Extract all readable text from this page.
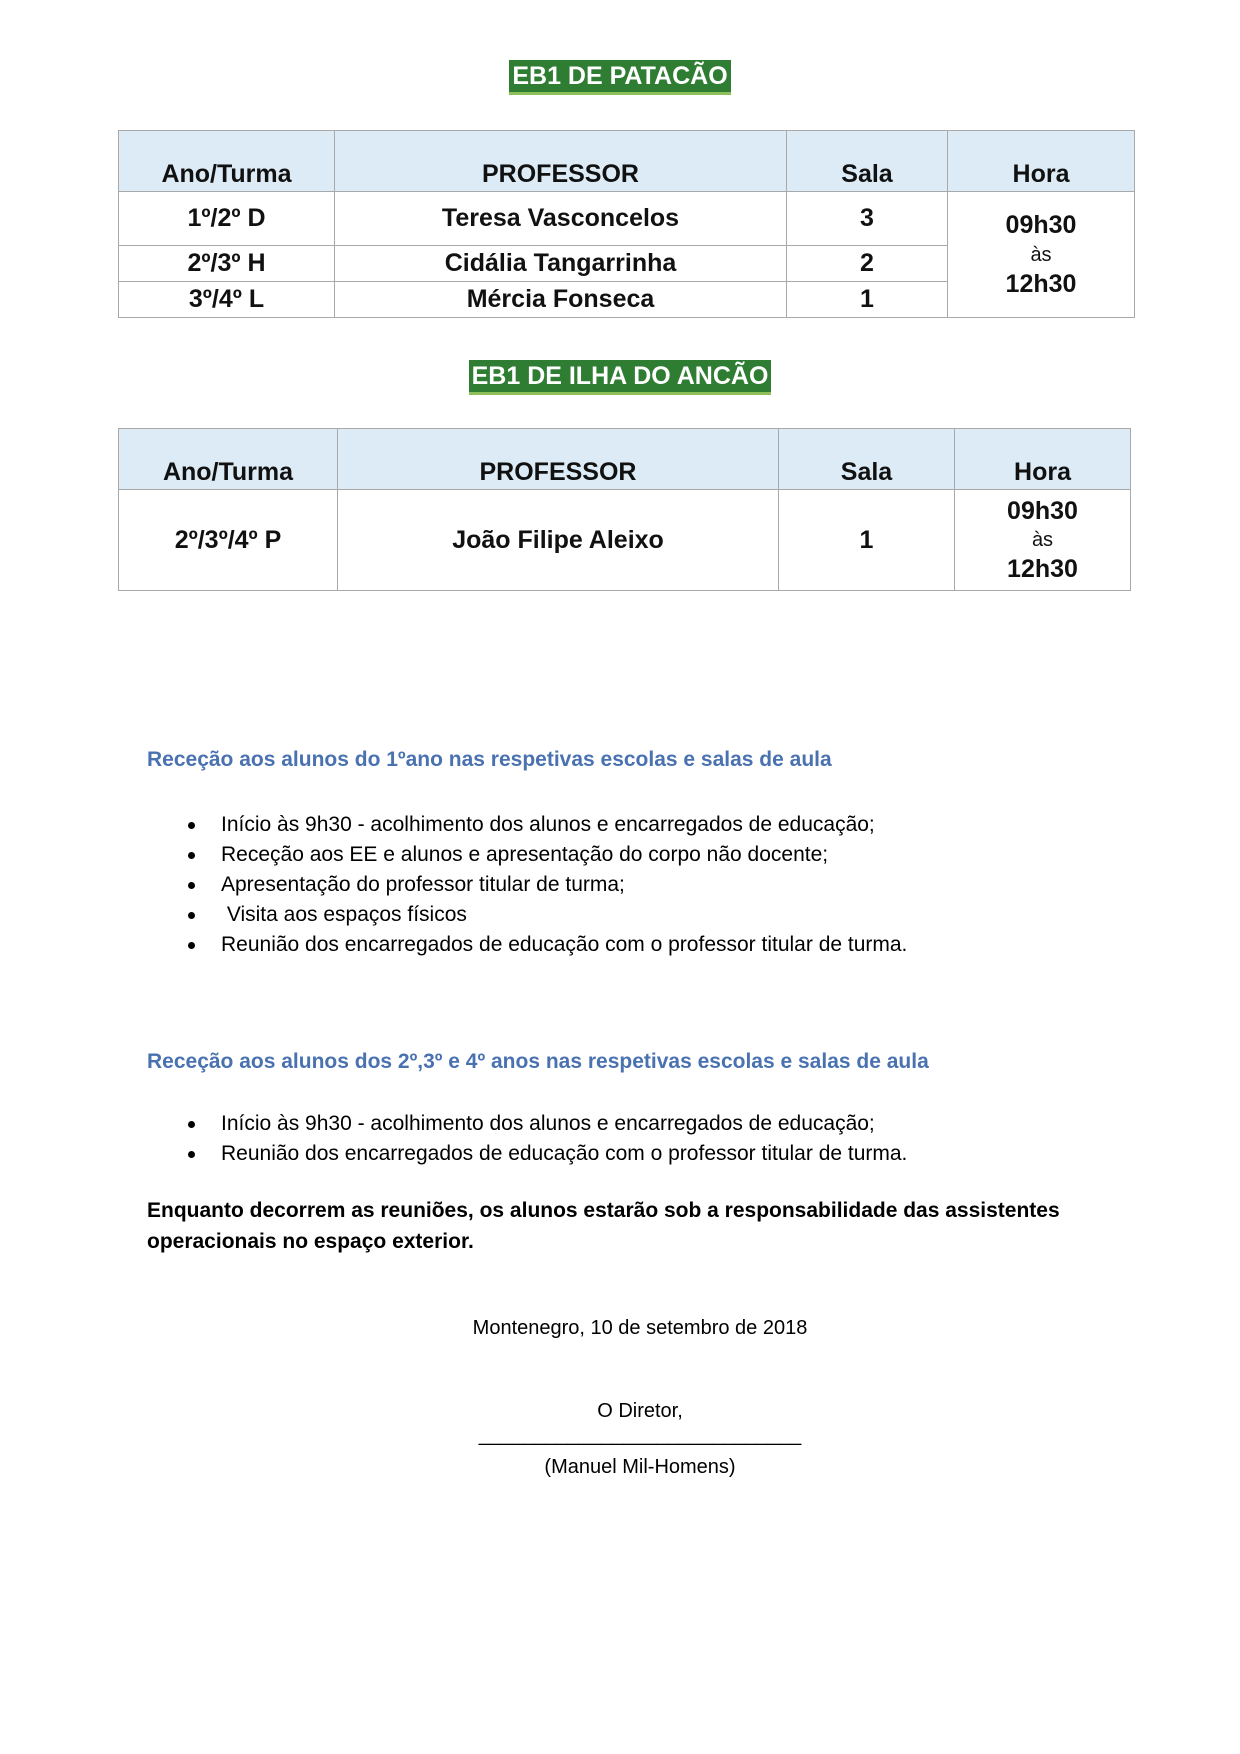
EB1 DE PATACÃO
Ano/Turma	PROFESSOR	Sala	Hora
1º/2º D	Teresa Vasconcelos	3	09h30
às
12h30

2º/3º H	Cidália Tangarrinha	2	
3º/4º L	Mércia Fonseca	1	
EB1 DE ILHA DO ANCÃO
Ano/Turma	PROFESSOR	Sala	Hora
2º/3º/4º P	João Filipe Aleixo	1	09h30
às
12h30
Receção aos alunos do 1ºano nas respetivas escolas e salas de aula
Início às 9h30 - acolhimento dos alunos e encarregados de educação;
Receção aos EE e alunos e apresentação do corpo não docente;
Apresentação do professor titular de turma;
Visita aos espaços físicos
Reunião dos encarregados de educação com o professor titular de turma.
Receção aos alunos dos 2º,3º e 4º anos nas respetivas escolas e salas de aula
Início às 9h30 - acolhimento dos alunos e encarregados de educação;
Reunião dos encarregados de educação com o professor titular de turma.
Enquanto decorrem as reuniões, os alunos estarão sob a responsabilidade das assistentes operacionais no espaço exterior.
Montenegro, 10 de setembro de 2018
O Diretor,
_____________________________
(Manuel Mil-Homens)
